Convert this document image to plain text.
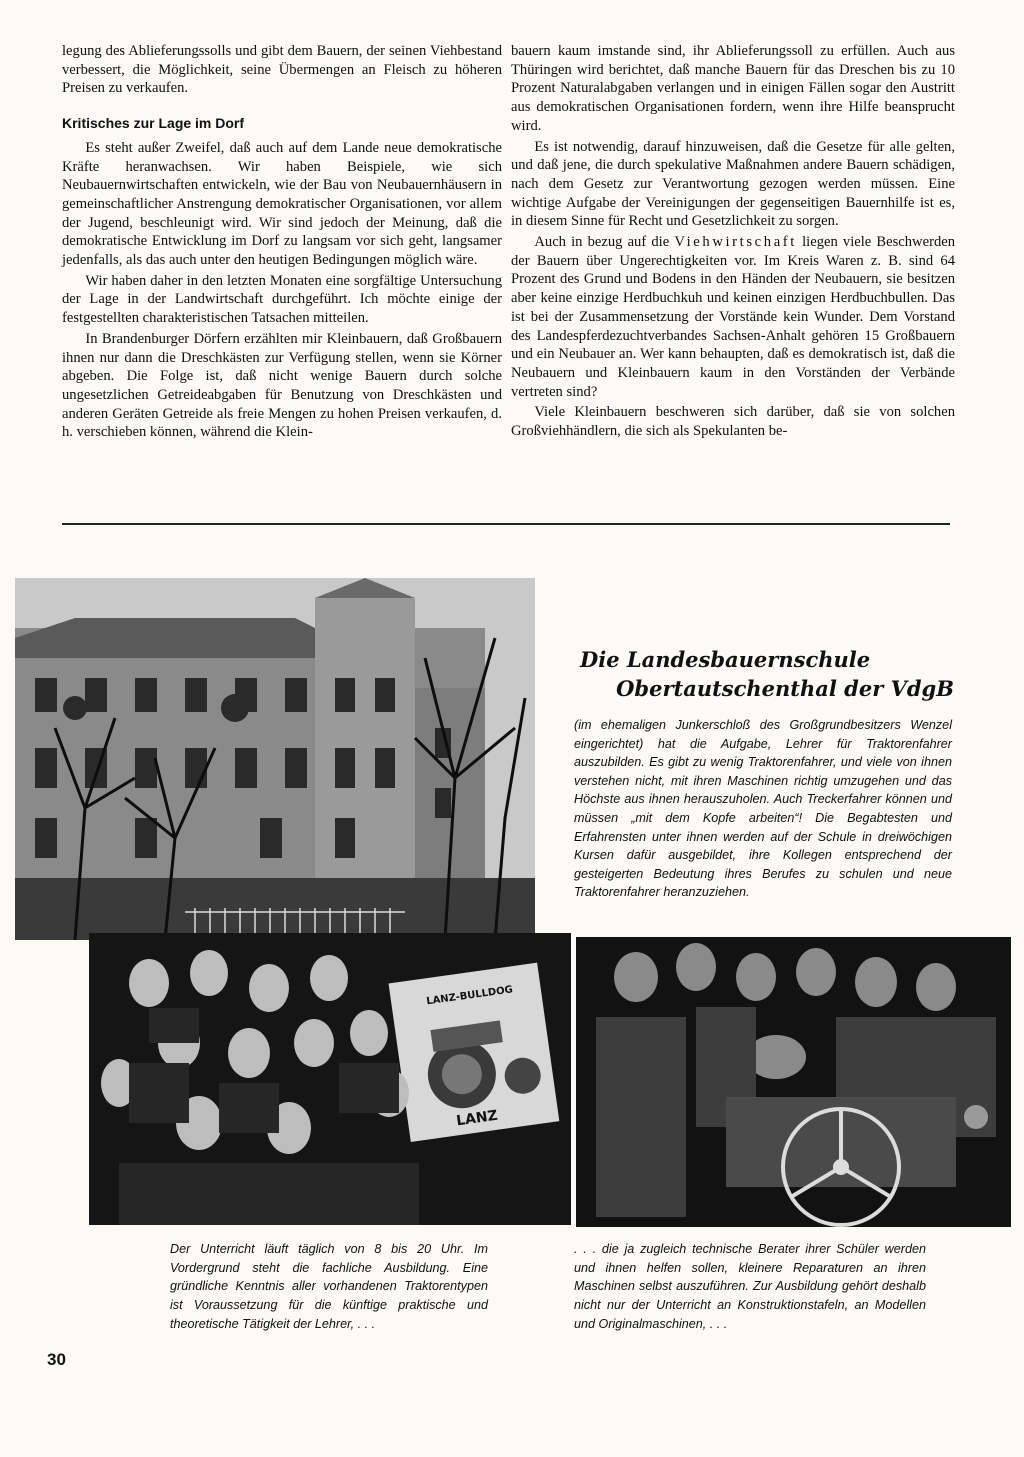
legung des Ablieferungssolls und gibt dem Bauern, der seinen Viehbestand verbessert, die Möglichkeit, seine Übermengen an Fleisch zu höheren Preisen zu verkaufen.

Kritisches zur Lage im Dorf

Es steht außer Zweifel, daß auch auf dem Lande neue demokratische Kräfte heranwachsen. Wir haben Beispiele, wie sich Neubauernwirtschaften entwickeln, wie der Bau von Neubauernhäusern in gemeinschaftlicher Anstrengung demokratischer Organisationen, vor allem der Jugend, beschleunigt wird. Wir sind jedoch der Meinung, daß die demokratische Entwicklung im Dorf zu langsam vor sich geht, langsamer jedenfalls, als das auch unter den heutigen Bedingungen möglich wäre.

Wir haben daher in den letzten Monaten eine sorgfältige Untersuchung der Lage in der Landwirtschaft durchgeführt. Ich möchte einige der festgestellten charakteristischen Tatsachen mitteilen.

In Brandenburger Dörfern erzählten mir Kleinbauern, daß Großbauern ihnen nur dann die Dreschkästen zur Verfügung stellen, wenn sie Körner abgeben. Die Folge ist, daß nicht wenige Bauern durch solche ungesetzlichen Getreideabgaben für Benutzung von Dreschkästen und anderen Geräten Getreide als freie Mengen zu hohen Preisen verkaufen, d. h. verschieben können, während die Klein-

bauern kaum imstande sind, ihr Ablieferungssoll zu erfüllen. Auch aus Thüringen wird berichtet, daß manche Bauern für das Dreschen bis zu 10 Prozent Naturalabgaben verlangen und in einigen Fällen sogar den Austritt aus demokratischen Organisationen fordern, wenn ihre Hilfe beansprucht wird.

Es ist notwendig, darauf hinzuweisen, daß die Gesetze für alle gelten, und daß jene, die durch spekulative Maßnahmen andere Bauern schädigen, nach dem Gesetz zur Verantwortung gezogen werden müssen. Eine wichtige Aufgabe der Vereinigungen der gegenseitigen Bauernhilfe ist es, in diesem Sinne für Recht und Gesetzlichkeit zu sorgen.

Auch in bezug auf die Viehwirtschaft liegen viele Beschwerden der Bauern über Ungerechtigkeiten vor. Im Kreis Waren z. B. sind 64 Prozent des Grund und Bodens in den Händen der Neubauern, sie besitzen aber keine einzige Herdbuchkuh und keinen einzigen Herdbuchbullen. Das ist bei der Zusammensetzung der Vorstände kein Wunder. Dem Vorstand des Landespferdezuchtverbandes Sachsen-Anhalt gehören 15 Großbauern und ein Neubauer an. Wer kann behaupten, daß es demokratisch ist, daß die Neubauern und Kleinbauern kaum in den Vorständen der Verbände vertreten sind?

Viele Kleinbauern beschweren sich darüber, daß sie von solchen Großviehhändlern, die sich als Spekulanten be-

Die Landesbauernschule
Obertautschenthal der VdgB
(im ehemaligen Junkerschloß des Großgrundbesitzers Wenzel eingerichtet) hat die Aufgabe, Lehrer für Traktorenfahrer auszubilden. Es gibt zu wenig Traktorenfahrer, und viele von ihnen verstehen nicht, mit ihren Maschinen richtig umzugehen und das Höchste aus ihnen herauszuholen. Auch Treckerfahrer können und müssen „mit dem Kopfe arbeiten“! Die Begabtesten und Erfahrensten unter ihnen werden auf der Schule in dreiwöchigen Kursen dafür ausgebildet, ihre Kollegen entsprechend der gesteigerten Bedeutung ihres Berufes zu schulen und neue Traktorenfahrer heranzuziehen.
LANZ-BULLDOG
LANZ
Der Unterricht läuft täglich von 8 bis 20 Uhr. Im Vordergrund steht die fachliche Ausbildung. Eine gründliche Kenntnis aller vorhandenen Traktorentypen ist Voraussetzung für die künftige praktische und theoretische Tätigkeit der Lehrer, . . .
. . . die ja zugleich technische Berater ihrer Schüler werden und ihnen helfen sollen, kleinere Reparaturen an ihren Maschinen selbst auszuführen. Zur Ausbildung gehört deshalb nicht nur der Unterricht an Konstruktionstafeln, an Modellen und Originalmaschinen, . . .
30
